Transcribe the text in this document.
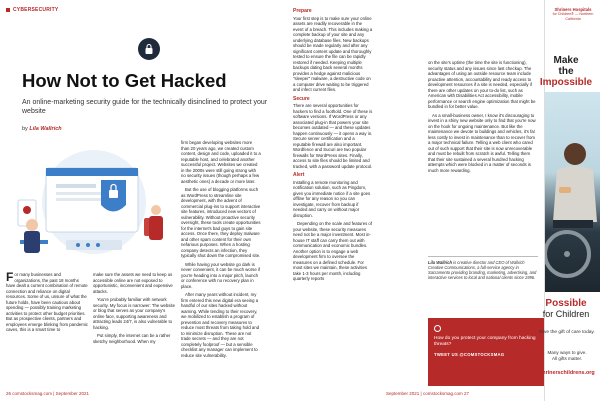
CYBERSECURITY
How Not to Get Hacked
An online-marketing security guide for the technically disinclined to protect your website
by Lila Wallrich

For many businesses and organizations, the past 18 months have dealt a current combination of remote connection and reliance on digital resources. Some of us, unsure of what the future holds, have been cautious about spending — possibly training marketing activities to protect other budget priorities. But as prospective clients, partners and employees emerge blinking from pandemic caves, this is a smart time to

make sure the assets we need to keep us accessible online are not exposed to opportunistic, inconvenient and expensive attacks.

You're probably familiar with network security. My focus is narrower: The website or blog that serves as your company's online face, supporting awareness and attracting leads 24/7, is also vulnerable to hacking.

Put simply, the internet can be a rather sketchy neighborhood. When my

firm began developing websites more than 20 years ago, we created custom content, design and code, uploaded it to a reputable host, and celebrated another successful project. Websites we created in the 2000s were still going strong with no security issues (though perhaps a few aesthetic ones) a decade or more later.

But the use of blogging platforms such as WordPress to streamline site development, with the advent of commercial plug-ins to support interactive site features, introduced new vectors of vulnerability. Without proactive security oversight, these tools create opportunities for the internet's bad guys to gain site access. Once there, they deploy malware and other spam content for their own nefarious purposes. When a hosting company detects an infection, they typically shut down the compromised site.

While having your website go dark is never convenient, it can be much worse if you're heading into a major pitch, launch or conference with no recovery plan in place.

After many years without incident, my firm entered this new digital era seeing a handful of our sites hacked without warning. While tending to their recovery, we mobilized to establish a program of prevention and recovery measures to reduce most threats from taking hold and to minimize disruption. These are not trade secrets — and they are not completely foolproof — but a sensible checklist any manager can implement to reduce site vulnerability.

Prepare

Your first step is to make sure your online assets are readily recoverable in the event of a breach. This includes making a complete backup of your site and any underlying database files. New backups should be made regularly and after any significant content update and thoroughly tested to ensure the file can be rapidly restored if needed. Keeping multiple backups dating back several months provides a hedge against malicious "sleeper" malware, a destructive code on a computer drive waiting to be triggered and infect current files.

Secure

There are several opportunities for hackers to find a foothold. One of these is software versions. If WordPress or any associated plug-in that powers your site becomes outdated — and these updates happen continuously — it opens a way in. Secure server certification and a reputable firewall are also important. Wordfence and Sucuri are two popular firewalls for WordPress sites. Finally, access to site files should be limited and tracked, with a password update protocol.

Alert

Installing a remote monitoring and notification solution, such as Pingdom, gives you immediate notice if a site goes offline for any reason so you can investigate, recover from backup if needed and carry on without major disruption.

Depending on the scale and features of your website, these security measures need not be a major investment. Most in-house IT staff can carry them out with communication and economic bundles. Another option is to engage a web development firm to oversee the measures on a defined schedule. For most sites we maintain, these activities take 1-3 hours per month, including quarterly reports

on the site's uptime (the time the site is functioning), security status and any issues since last checkup. The advantages of using an outside resource team include proactive attention, accountability and ready access to development resources if a site is needed, especially if there are other updates on your to-do list, such as American with Disabilities Act accessibility, mobile performance or search engine optimization that might be bundled in for better value.

As a small-business owner, I know it's discouraging to invest in a shiny new website only to find that you're now on the hook for ongoing maintenance. But like the maintenance we devote to buildings and vehicles, it's far less costly to invest in maintenance than to recover from a major technical failure. Telling a web client who cared out of such support that their site is now unrecoverable and must be rebuilt from scratch is awful. Telling them that their site sustained a several hundred hacking attempts which were blocked in a matter of seconds is much more rewarding.

Lila Wallrich is creative director and CEO of Wallrich Creative Communications, a full-service agency in Sacramento providing branding, marketing, advertising, and interactive services to local and national clients since 1996.
How do you protect your company from hacking threats?
TWEET US @COMSTOCKSMAG
26 comstocksmag.com | September 2021	September 2021 | comstocksmag.com 27
Shriners Hospitals
for Children® — Northern California
Make
the
Impossible
Possible
for Children
Give the gift of care today.
Many ways to give.
All gifts matter.
shrinerschildrens.org
